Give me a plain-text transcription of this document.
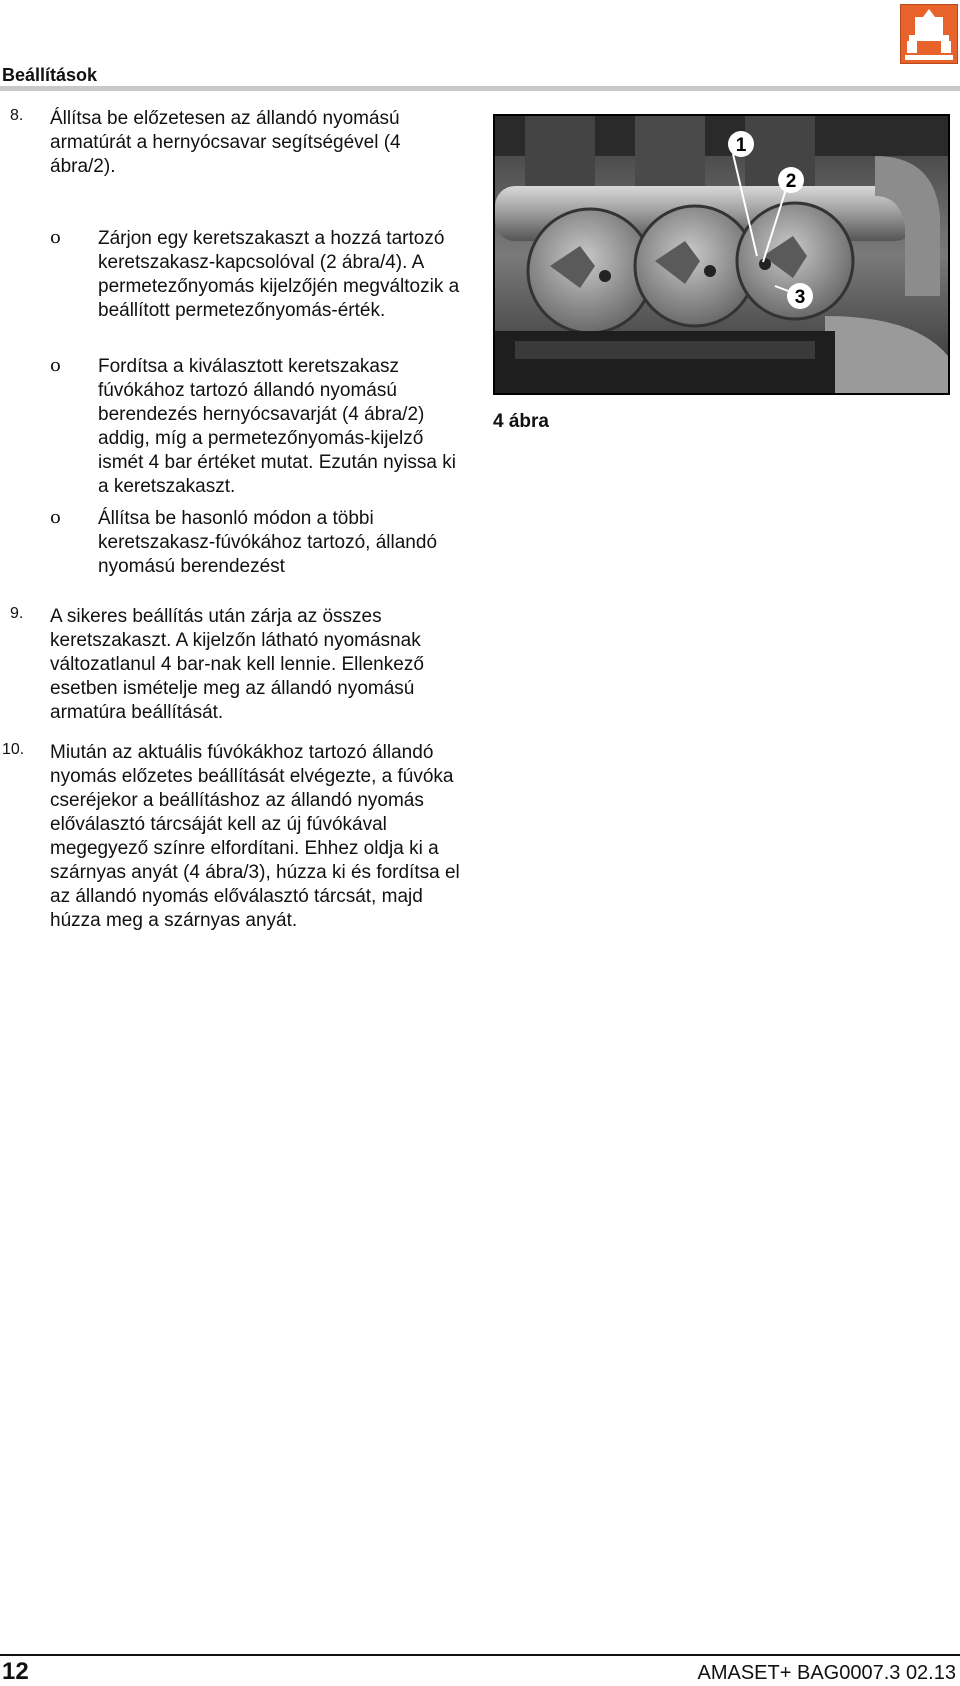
Beállítások
8. Állítsa be előzetesen az állandó nyomású armatúrát a hernyócsavar segítségével (4 ábra/2).
o Zárjon egy keretszakaszt a hozzá tartozó keretszakasz-kapcsolóval (2 ábra/4). A permetezőnyomás kijelzőjén megváltozik a beállított permetezőnyomás-érték.
o Fordítsa a kiválasztott keretszakasz fúvókához tartozó állandó nyomású berendezés hernyócsavarját (4 ábra/2) addig, míg a permetezőnyomás-kijelző ismét 4 bar értéket mutat. Ezután nyissa ki a keretszakaszt.
o Állítsa be hasonló módon a többi keretszakasz-fúvókához tartozó, állandó nyomású berendezést
9. A sikeres beállítás után zárja az összes keretszakaszt. A kijelzőn látható nyomásnak változatlanul 4 bar-nak kell lennie. Ellenkező esetben ismételje meg az állandó nyomású armatúra beállítását.
10. Miután az aktuális fúvókákhoz tartozó állandó nyomás előzetes beállítását elvégezte, a fúvóka cseréjekor a beállításhoz az állandó nyomás előválasztó tárcsáját kell az új fúvókával megegyező színre elfordítani. Ehhez oldja ki a szárnyas anyát (4 ábra/3), húzza ki és fordítsa el az állandó nyomás előválasztó tárcsát, majd húzza meg a szárnyas anyát.
1
2
3
4 ábra
12	AMASET+ BAG0007.3 02.13
